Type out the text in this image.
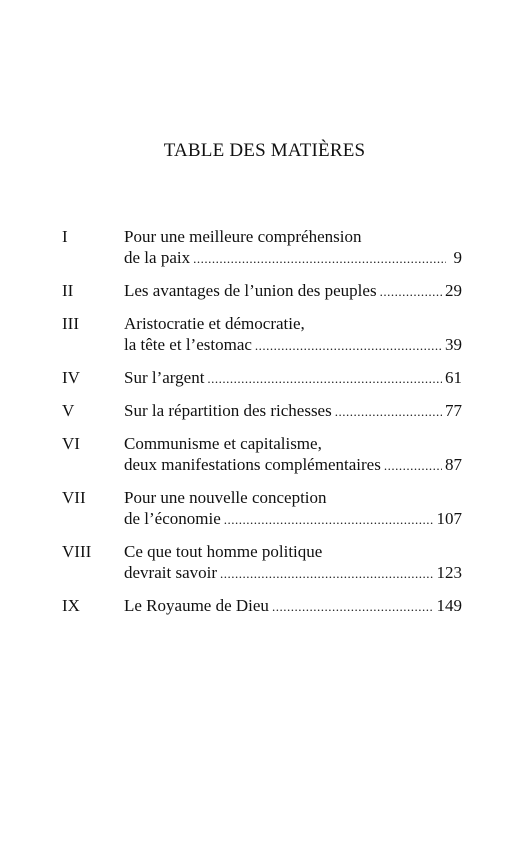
TABLE DES MATIÈRES
I	Pour une meilleure compréhension
de la paix .....	9
II	Les avantages de l’union des peuples .....	29
III	Aristocratie et démocratie,
la tête et l’estomac .....	39
IV	Sur l’argent .....	61
V	Sur la répartition des richesses .....	77
VI	Communisme et capitalisme,
deux manifestations complémentaires .....	87
VII Pour une nouvelle conception
de l’économie .....	107
VIII Ce que tout homme politique
devrait savoir .....	123
IX	Le Royaume de Dieu .....	149
